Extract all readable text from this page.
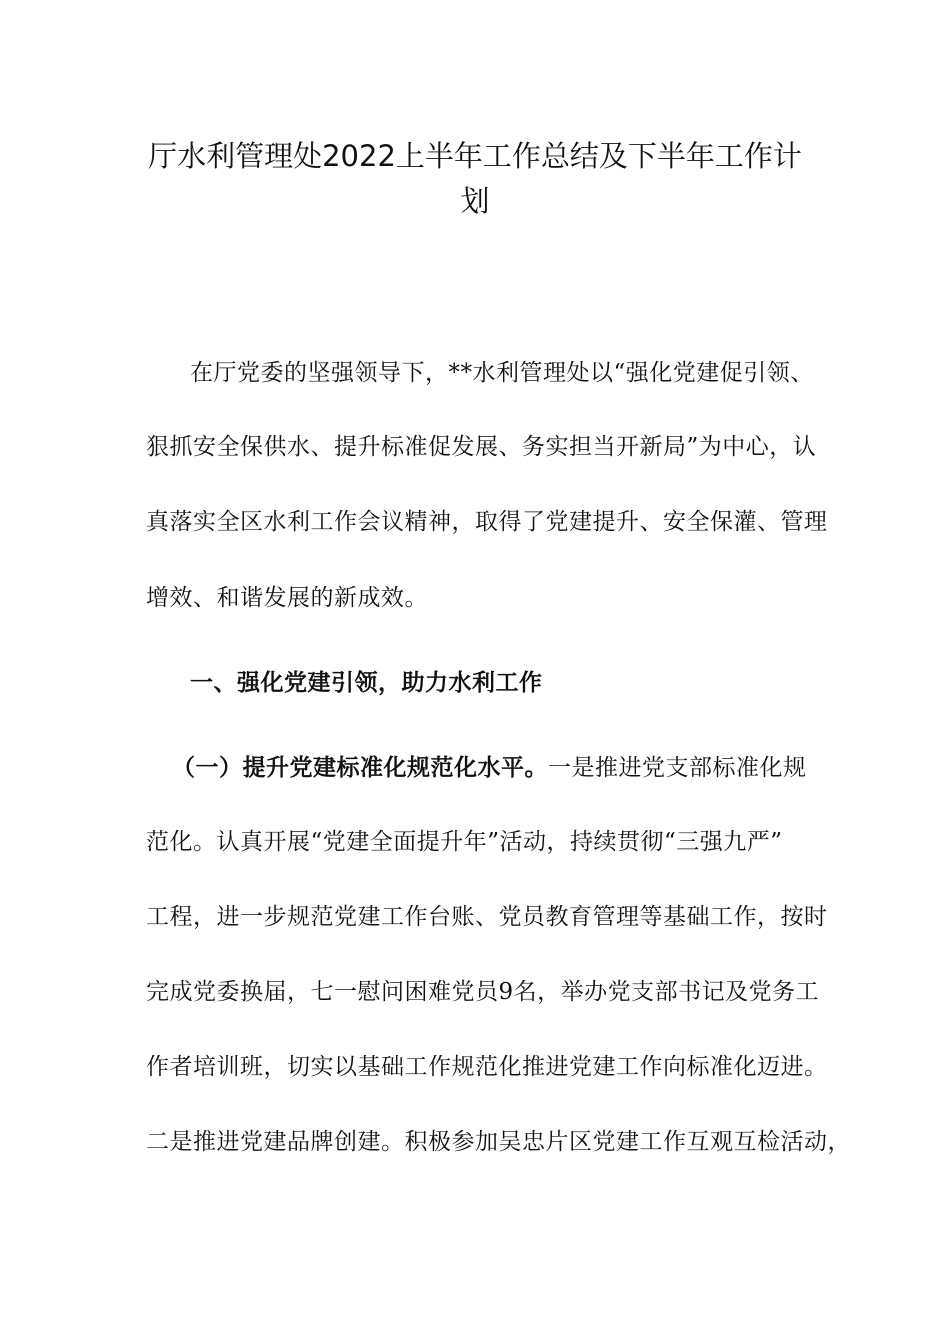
厅水利管理处2022上半年工作总结及下半年工作计
划
在厅党委的坚强领导下，**水利管理处以“强化党建促引领、
狠抓安全保供水、提升标准促发展、务实担当开新局”为中心，认
真落实全区水利工作会议精神，取得了党建提升、安全保灌、管理
增效、和谐发展的新成效。
一、强化党建引领，助力水利工作
（一）提升党建标准化规范化水平。一是推进党支部标准化规
范化。认真开展“党建全面提升年”活动，持续贯彻“三强九严”
工程，进一步规范党建工作台账、党员教育管理等基础工作，按时
完成党委换届，七一慰问困难党员9名，举办党支部书记及党务工
作者培训班，切实以基础工作规范化推进党建工作向标准化迈进。
二是推进党建品牌创建。积极参加吴忠片区党建工作互观互检活动，
